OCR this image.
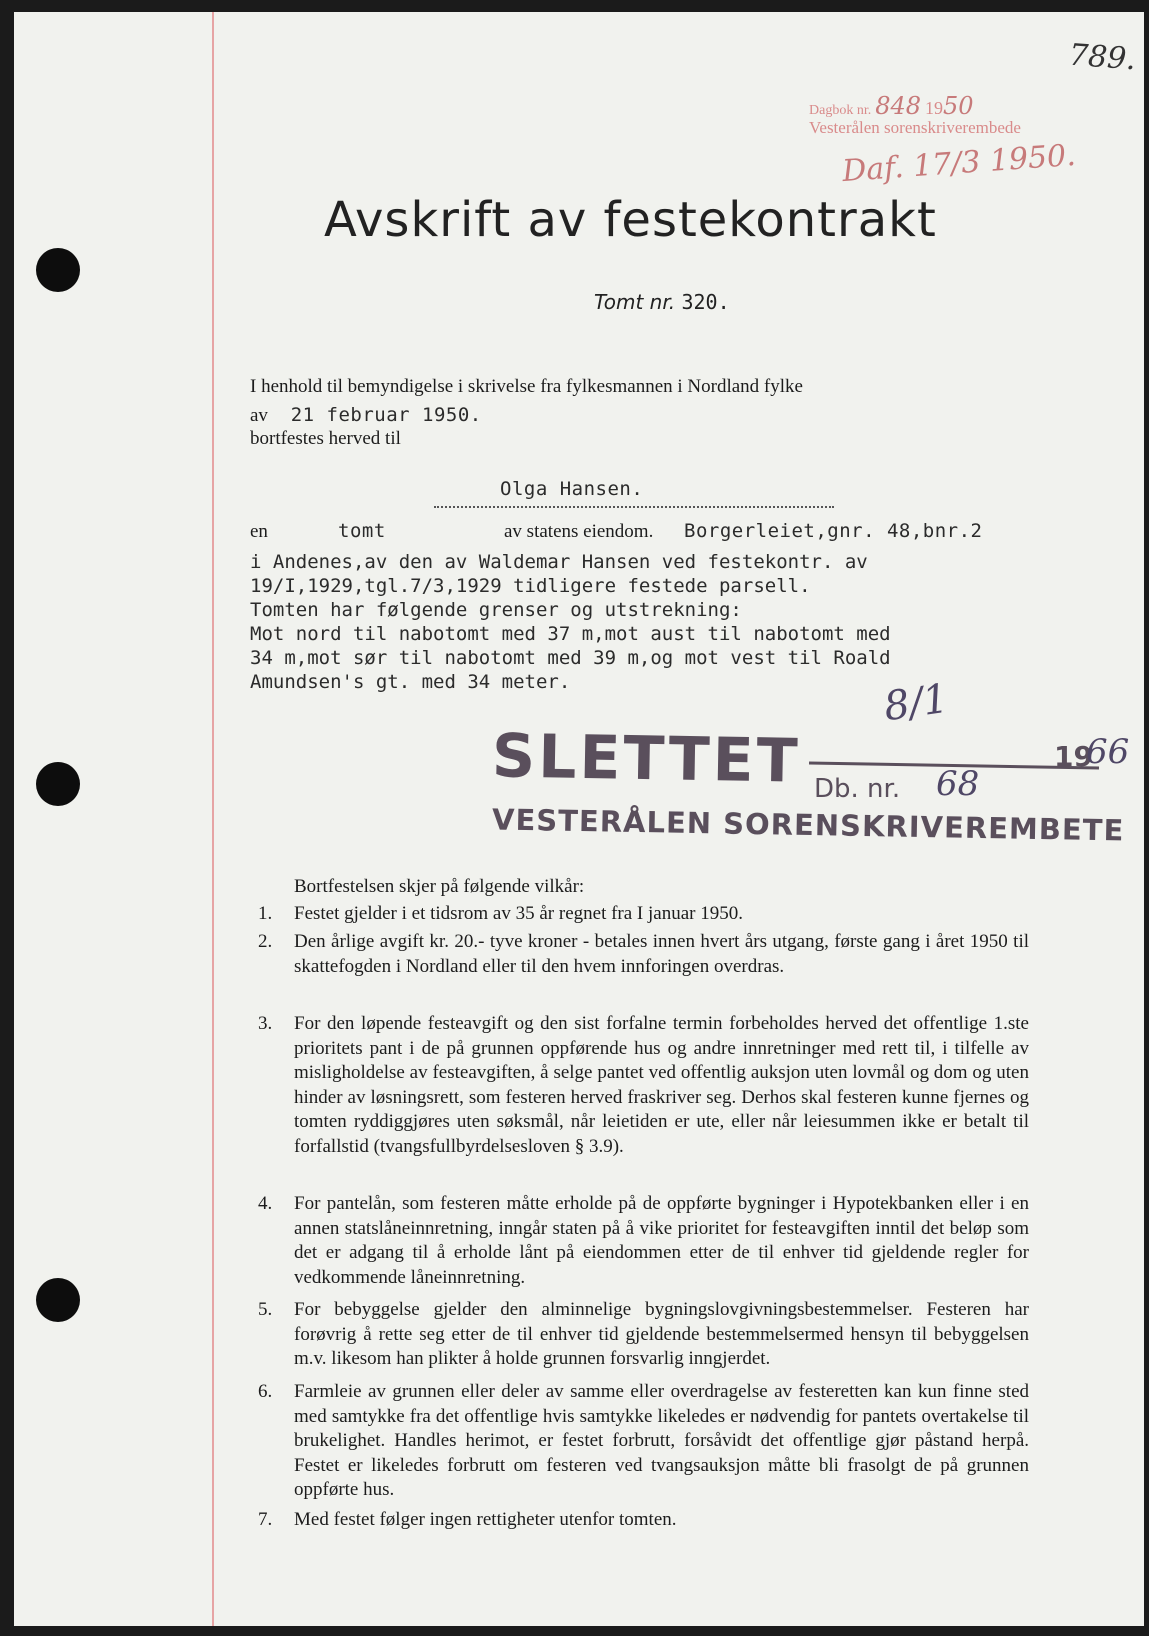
789.
Dagbok nr. 848 1950
Vesterålen sorenskriverembede
Daf. 17/3 1950.
Avskrift av festekontrakt
Tomt nr. 320.
I henhold til bemyndigelse i skrivelse fra fylkesmannen i Nordland fylke
av 21 februar 1950.
bortfestes herved til
Olga Hansen.
en	tomt	av statens eiendom. Borgerleiet,gnr. 48,bnr.2
i Andenes,av den av Waldemar Hansen ved festekontr. av
19/I,1929,tgl.7/3,1929 tidligere festede parsell.
Tomten har følgende grenser og utstrekning:
Mot nord til nabotomt med 37 m,mot aust til nabotomt med
34 m,mot sør til nabotomt med 39 m,og mot vest til Roald
Amundsen's gt. med 34 meter.
SLETTET
8/1
19
66
Db. nr. 68
VESTERÅLEN SORENSKRIVEREMBETE
Bortfestelsen skjer på følgende vilkår:
1. Festet gjelder i et tidsrom av 35 år regnet fra I januar 1950.
2. Den årlige avgift kr. 20.- tyve kroner - betales innen hvert års utgang, første gang i året 1950 til skattefogden i Nordland eller til den hvem innforingen overdras.
3. For den løpende festeavgift og den sist forfalne termin forbeholdes herved det offentlige 1.ste prioritets pant i de på grunnen oppførende hus og andre innretninger med rett til, i tilfelle av misligholdelse av festeavgiften, å selge pantet ved offentlig auksjon uten lovmål og dom og uten hinder av løsningsrett, som festeren herved fraskriver seg. Derhos skal festeren kunne fjernes og tomten ryddiggjøres uten søksmål, når leietiden er ute, eller når leiesummen ikke er betalt til forfallstid (tvangsfullbyrdelsesloven § 3.9).
4. For pantelån, som festeren måtte erholde på de oppførte bygninger i Hypotekbanken eller i en annen statslåneinnretning, inngår staten på å vike prioritet for festeavgiften inntil det beløp som det er adgang til å erholde lånt på eiendommen etter de til enhver tid gjeldende regler for vedkommende låneinnretning.
5. For bebyggelse gjelder den alminnelige bygningslovgivningsbestemmelser. Festeren har forøvrig å rette seg etter de til enhver tid gjeldende bestemmelsermed hensyn til bebyggelsen m.v. likesom han plikter å holde grunnen forsvarlig inngjerdet.
6. Farmleie av grunnen eller deler av samme eller overdragelse av festeretten kan kun finne sted med samtykke fra det offentlige hvis samtykke likeledes er nødvendig for pantets overtakelse til brukelighet. Handles herimot, er festet forbrutt, forsåvidt det offentlige gjør påstand herpå. Festet er likeledes forbrutt om festeren ved tvangsauksjon måtte bli frasolgt de på grunnen oppførte hus.
7. Med festet følger ingen rettigheter utenfor tomten.
